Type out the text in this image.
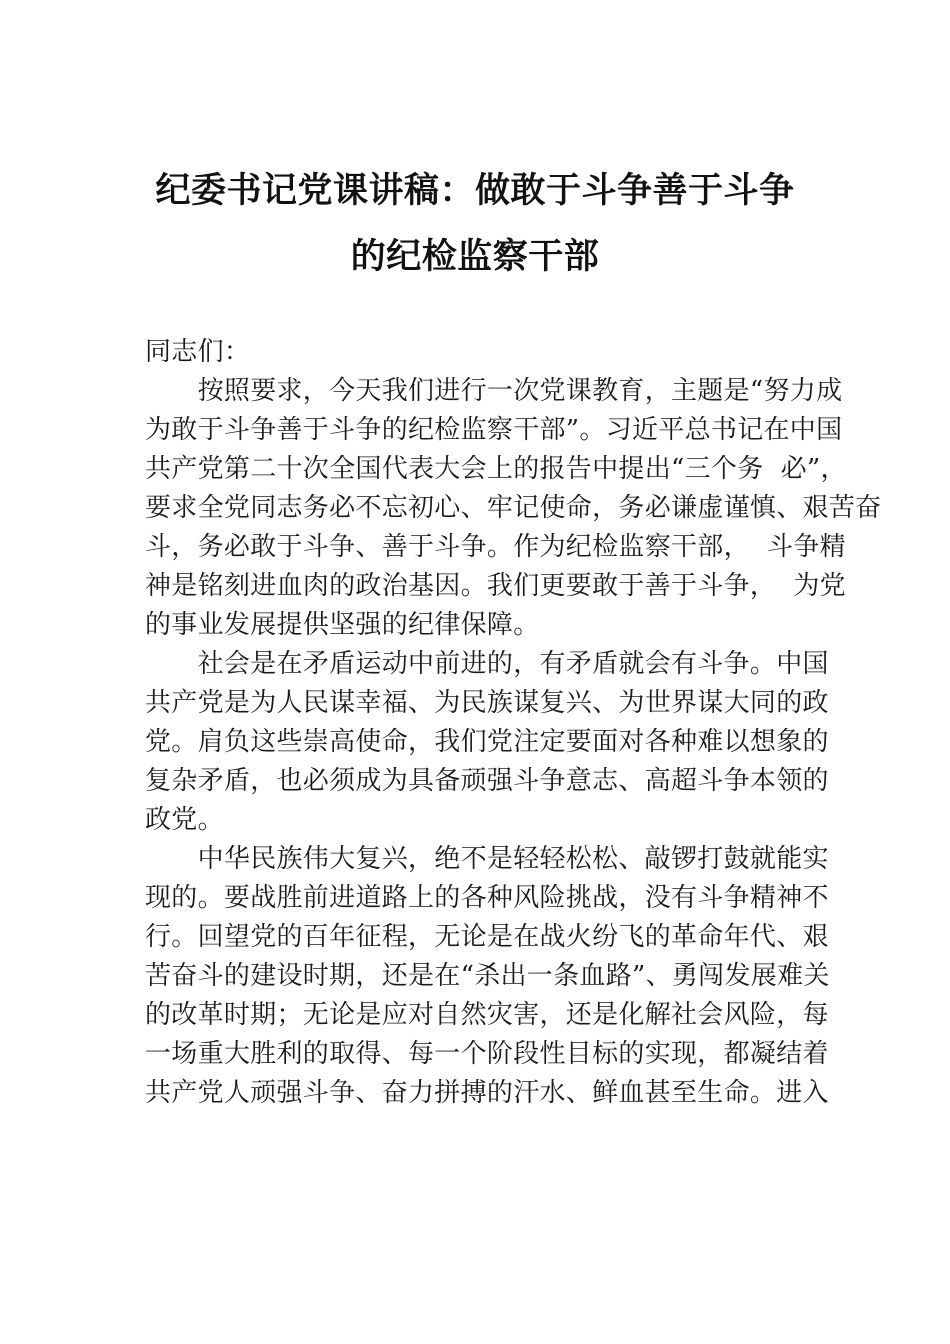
纪委书记党课讲稿：做敢于斗争善于斗争
的纪检监察干部
同志们：
　　按照要求，今天我们进行一次党课教育，主题是“努力成
为敢于斗争善于斗争的纪检监察干部”。习近平总书记在中国
共产党第二十次全国代表大会上的报告中提出“三个务  必”，
要求全党同志务必不忘初心、牢记使命，务必谦虚谨慎、艰苦奋
斗，务必敢于斗争、善于斗争。作为纪检监察干部，  斗争精
神是铭刻进血肉的政治基因。我们更要敢于善于斗争，  为党
的事业发展提供坚强的纪律保障。
　　社会是在矛盾运动中前进的，有矛盾就会有斗争。中国
共产党是为人民谋幸福、为民族谋复兴、为世界谋大同的政
党。肩负这些崇高使命，我们党注定要面对各种难以想象的
复杂矛盾，也必须成为具备顽强斗争意志、高超斗争本领的
政党。
　　中华民族伟大复兴，绝不是轻轻松松、敲锣打鼓就能实
现的。要战胜前进道路上的各种风险挑战，没有斗争精神不
行。回望党的百年征程，无论是在战火纷飞的革命年代、艰
苦奋斗的建设时期，还是在“杀出一条血路”、勇闯发展难关
的改革时期；无论是应对自然灾害，还是化解社会风险，每
一场重大胜利的取得、每一个阶段性目标的实现，都凝结着
共产党人顽强斗争、奋力拼搏的汗水、鲜血甚至生命。进入
